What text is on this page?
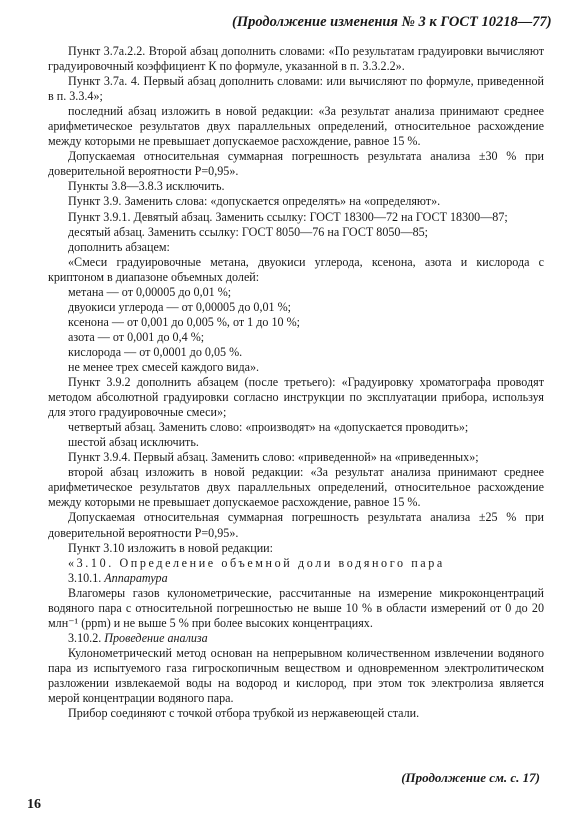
(Продолжение изменения № 3 к ГОСТ 10218—77)

Пункт 3.7а.2.2. Второй абзац дополнить словами: «По результатам градуировки вычисляют градуировочный коэффициент К по формуле, указанной в п. 3.3.2.2».

Пункт 3.7а. 4. Первый абзац дополнить словами: или вычисляют по формуле, приведенной в п. 3.3.4»;

последний абзац изложить в новой редакции: «За результат анализа принимают среднее арифметическое результатов двух параллельных определений, относительное расхождение между которыми не превышает допускаемое расхождение, равное 15 %.

Допускаемая относительная суммарная погрешность результата анализа ±30 % при доверительной вероятности P=0,95».

Пункты 3.8—3.8.3 исключить.

Пункт 3.9. Заменить слова: «допускается определять» на «определяют».

Пункт 3.9.1. Девятый абзац. Заменить ссылку: ГОСТ 18300—72 на ГОСТ 18300—87;

десятый абзац. Заменить ссылку: ГОСТ 8050—76 на ГОСТ 8050—85;

дополнить абзацем:

«Смеси градуировочные метана, двуокиси углерода, ксенона, азота и кислорода с криптоном в диапазоне объемных долей:

метана — от 0,00005 до 0,01 %;

двуокиси углерода — от 0,00005 до 0,01 %;

ксенона — от 0,001 до 0,005 %, от 1 до 10 %;

азота — от 0,001 до 0,4 %;

кислорода — от 0,0001 до 0,05 %.

не менее трех смесей каждого вида».

Пункт 3.9.2 дополнить абзацем (после третьего): «Градуировку хроматографа проводят методом абсолютной градуировки согласно инструкции по эксплуатации прибора, используя для этого градуировочные смеси»;

четвертый абзац. Заменить слово: «производят» на «допускается проводить»;

шестой абзац исключить.

Пункт 3.9.4. Первый абзац. Заменить слово: «приведенной» на «приведенных»;

второй абзац изложить в новой редакции: «За результат анализа принимают среднее арифметическое результатов двух параллельных определений, относительное расхождение между которыми не превышает допускаемое расхождение, равное 15 %.

Допускаемая относительная суммарная погрешность результата анализа ±25 % при доверительной вероятности P=0,95».

Пункт 3.10 изложить в новой редакции:

«3.10. Определение объемной доли водяного пара

3.10.1. Аппаратура

Влагомеры газов кулонометрические, рассчитанные на измерение микроконцентраций водяного пара с относительной погрешностью не выше 10 % в области измерений от 0 до 20 млн⁻¹ (ppm) и не выше 5 % при более высоких концентрациях.

3.10.2. Проведение анализа

Кулонометрический метод основан на непрерывном количественном извлечении водяного пара из испытуемого газа гигроскопичным веществом и одновременном электролитическом разложении извлекаемой воды на водород и кислород, при этом ток электролиза является мерой концентрации водяного пара.

Прибор соединяют с точкой отбора трубкой из нержавеющей стали.

(Продолжение см. с. 17)
16
